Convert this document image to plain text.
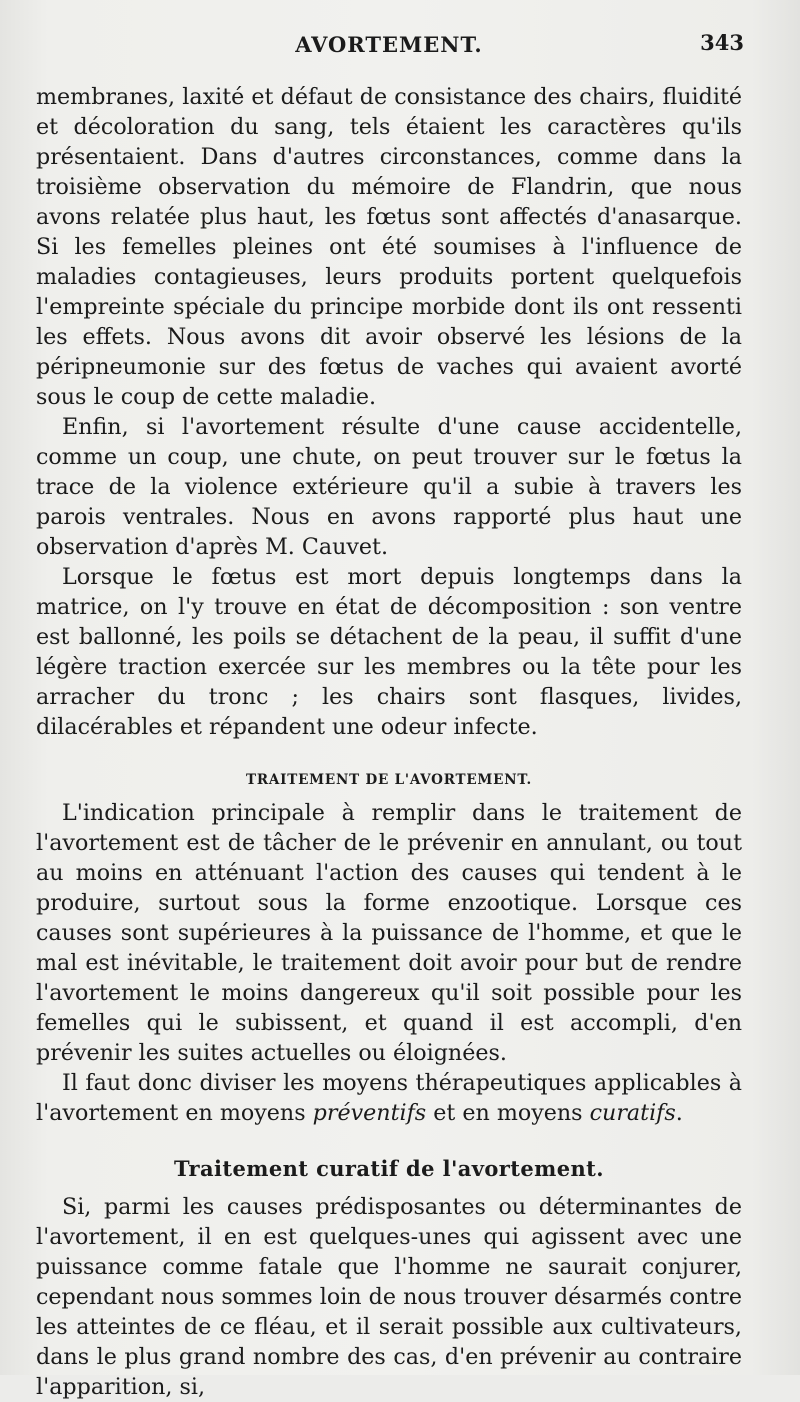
AVORTEMENT.	343

membranes, laxité et défaut de consistance des chairs, fluidité et décoloration du sang, tels étaient les caractères qu'ils présentaient. Dans d'autres circonstances, comme dans la troisième observation du mémoire de Flandrin, que nous avons relatée plus haut, les fœtus sont affectés d'anasarque. Si les femelles pleines ont été soumises à l'influence de maladies contagieuses, leurs produits portent quelquefois l'empreinte spéciale du principe morbide dont ils ont ressenti les effets. Nous avons dit avoir observé les lésions de la péripneumonie sur des fœtus de vaches qui avaient avorté sous le coup de cette maladie.

Enfin, si l'avortement résulte d'une cause accidentelle, comme un coup, une chute, on peut trouver sur le fœtus la trace de la violence extérieure qu'il a subie à travers les parois ventrales. Nous en avons rapporté plus haut une observation d'après M. Cauvet.

Lorsque le fœtus est mort depuis longtemps dans la matrice, on l'y trouve en état de décomposition : son ventre est ballonné, les poils se détachent de la peau, il suffit d'une légère traction exercée sur les membres ou la tête pour les arracher du tronc ; les chairs sont flasques, livides, dilacérables et répandent une odeur infecte.

TRAITEMENT DE L'AVORTEMENT.

L'indication principale à remplir dans le traitement de l'avortement est de tâcher de le prévenir en annulant, ou tout au moins en atténuant l'action des causes qui tendent à le produire, surtout sous la forme enzootique. Lorsque ces causes sont supérieures à la puissance de l'homme, et que le mal est inévitable, le traitement doit avoir pour but de rendre l'avortement le moins dangereux qu'il soit possible pour les femelles qui le subissent, et quand il est accompli, d'en prévenir les suites actuelles ou éloignées.

Il faut donc diviser les moyens thérapeutiques applicables à l'avortement en moyens préventifs et en moyens curatifs.

Traitement curatif de l'avortement.

Si, parmi les causes prédisposantes ou déterminantes de l'avortement, il en est quelques-unes qui agissent avec une puissance comme fatale que l'homme ne saurait conjurer, cependant nous sommes loin de nous trouver désarmés contre les atteintes de ce fléau, et il serait possible aux cultivateurs, dans le plus grand nombre des cas, d'en prévenir au contraire l'apparition, si,
